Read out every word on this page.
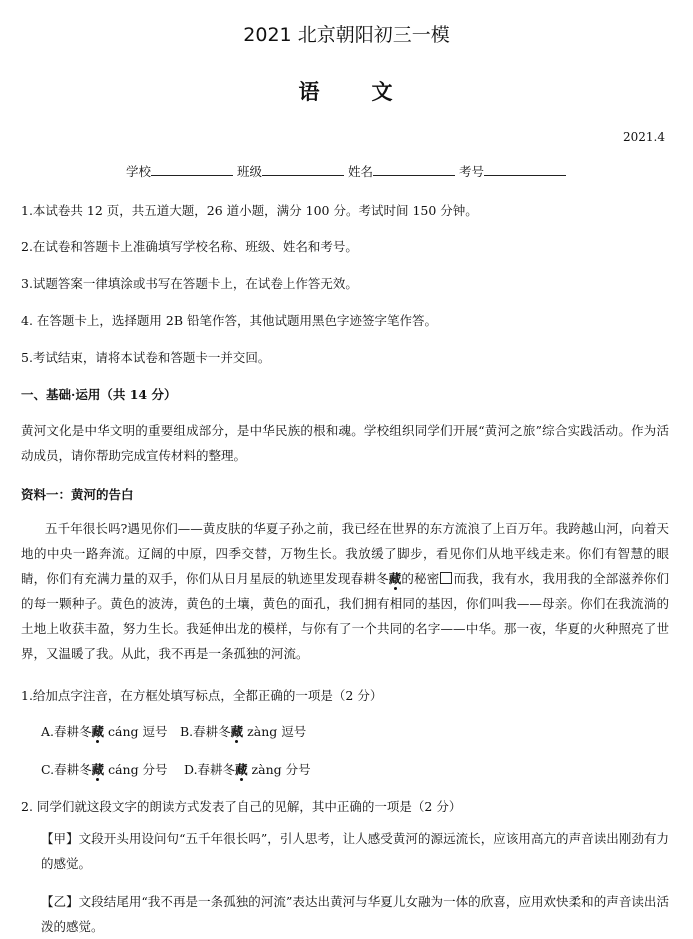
2021 北京朝阳初三一模
语 文
2021.4
学校	班级	姓名	考号
1.本试卷共 12 页，共五道大题，26 道小题，满分 100 分。考试时间 150 分钟。
2.在试卷和答题卡上准确填写学校名称、班级、姓名和考号。
3.试题答案一律填涂或书写在答题卡上，在试卷上作答无效。
4. 在答题卡上，选择题用 2B 铅笔作答，其他试题用黑色字迹签字笔作答。
5.考试结束，请将本试卷和答题卡一并交回。
一、基础·运用（共 14 分）
黄河文化是中华文明的重要组成部分，是中华民族的根和魂。学校组织同学们开展“黄河之旅”综合实践活动。作为活动成员，请你帮助完成宣传材料的整理。
资料一：黄河的告白
五千年很长吗?遇见你们——黄皮肤的华夏子孙之前，我已经在世界的东方流浪了上百万年。我跨越山河，向着天地的中央一路奔流。辽阔的中原，四季交替，万物生长。我放缓了脚步，看见你们从地平线走来。你们有智慧的眼睛，你们有充满力量的双手，你们从日月星辰的轨迹里发现春耕冬藏的秘密 而我，我有水，我用我的全部滋养你们的每一颗种子。黄色的波涛，黄色的土壤，黄色的面孔，我们拥有相同的基因，你们叫我——母亲。你们在我流淌的土地上收获丰盈，努力生长。我延伸出龙的模样，与你有了一个共同的名字——中华。那一夜，华夏的火种照亮了世界，又温暖了我。从此，我不再是一条孤独的河流。
1.给加点字注音，在方框处填写标点，全都正确的一项是（2 分）
A.春耕冬藏 cáng 逗号 B.春耕冬藏 zàng 逗号
C.春耕冬藏 cáng 分号 D.春耕冬藏 zàng 分号
2. 同学们就这段文字的朗读方式发表了自己的见解，其中正确的一项是（2 分）
【甲】文段开头用设问句“五千年很长吗”，引人思考，让人感受黄河的源远流长，应该用高亢的声音读出刚劲有力的感觉。
【乙】文段结尾用“我不再是一条孤独的河流”表达出黄河与华夏儿女融为一体的欣喜，应用欢快柔和的声音读出活泼的感觉。
